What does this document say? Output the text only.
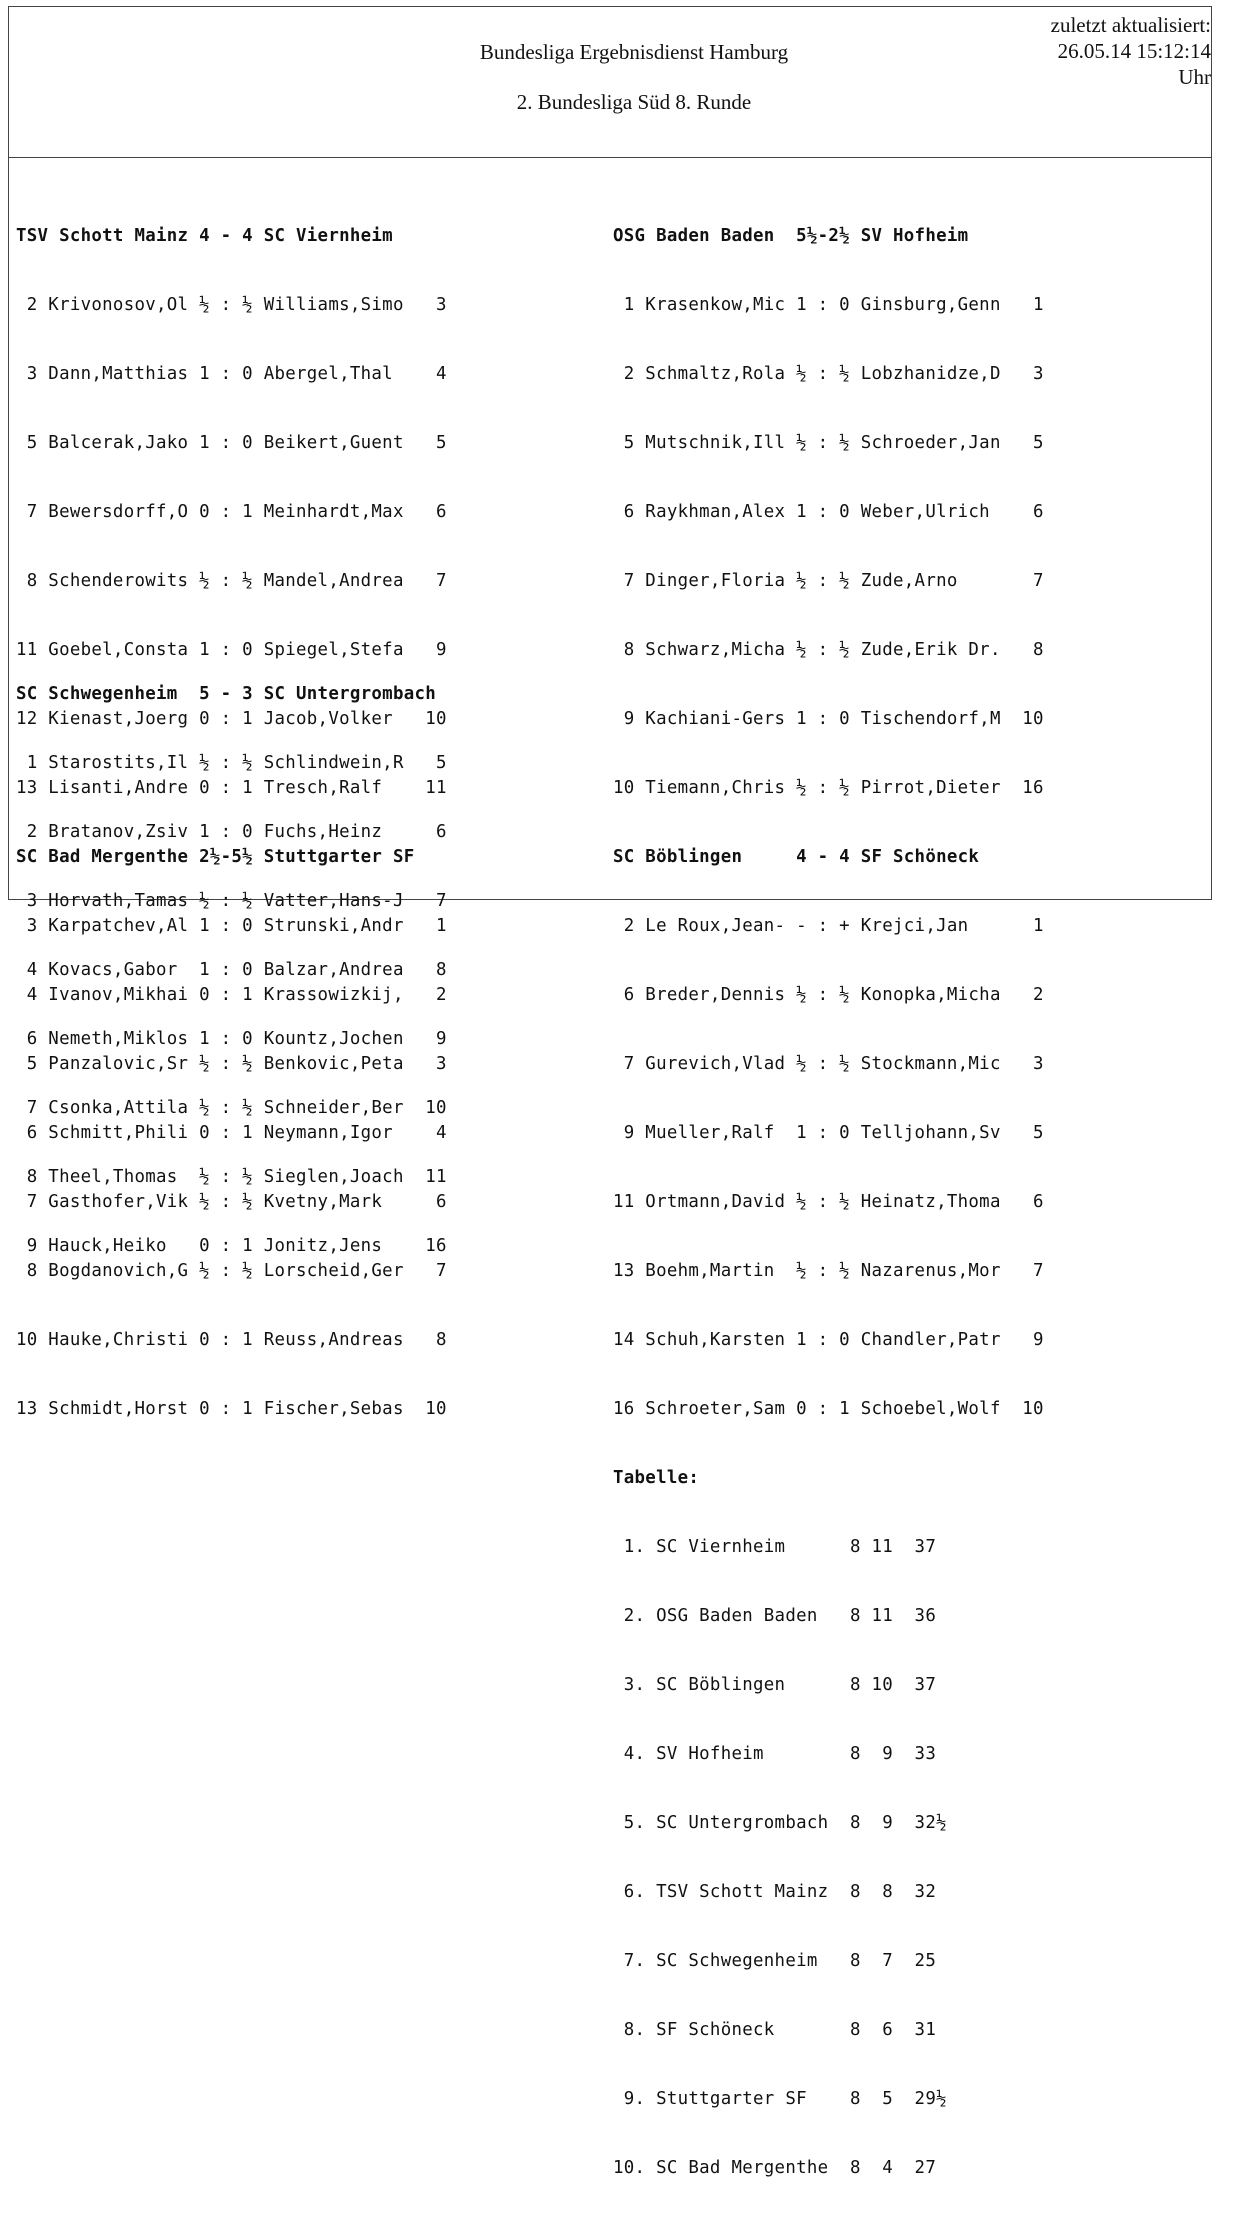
Bundesliga Ergebnisdienst Hamburg
2. Bundesliga Süd 8. Runde
zuletzt aktualisiert:
26.05.14 15:12:14
Uhr

TSV Schott Mainz 4 - 4 SC Viernheim

2 Krivonosov,Ol ½ : ½ Williams,Simo   3

3 Dann,Matthias 1 : 0 Abergel,Thal    4

5 Balcerak,Jako 1 : 0 Beikert,Guent   5

7 Bewersdorff,O 0 : 1 Meinhardt,Max   6

8 Schenderowits ½ : ½ Mandel,Andrea   7

11 Goebel,Consta 1 : 0 Spiegel,Stefa   9

12 Kienast,Joerg 0 : 1 Jacob,Volker   10

13 Lisanti,Andre 0 : 1 Tresch,Ralf    11

SC Bad Mergenthe 2½-5½ Stuttgarter SF

3 Karpatchev,Al 1 : 0 Strunski,Andr   1

4 Ivanov,Mikhai 0 : 1 Krassowizkij,   2

5 Panzalovic,Sr ½ : ½ Benkovic,Peta   3

6 Schmitt,Phili 0 : 1 Neymann,Igor    4

7 Gasthofer,Vik ½ : ½ Kvetny,Mark     6

8 Bogdanovich,G ½ : ½ Lorscheid,Ger   7

10 Hauke,Christi 0 : 1 Reuss,Andreas   8

13 Schmidt,Horst 0 : 1 Fischer,Sebas  10

SC Schwegenheim  5 - 3 SC Untergrombach

1 Starostits,Il ½ : ½ Schlindwein,R   5

2 Bratanov,Zsiv 1 : 0 Fuchs,Heinz     6

3 Horvath,Tamas ½ : ½ Vatter,Hans-J   7

4 Kovacs,Gabor  1 : 0 Balzar,Andrea   8

6 Nemeth,Miklos 1 : 0 Kountz,Jochen   9

7 Csonka,Attila ½ : ½ Schneider,Ber  10

8 Theel,Thomas  ½ : ½ Sieglen,Joach  11

9 Hauck,Heiko   0 : 1 Jonitz,Jens    16

OSG Baden Baden  5½-2½ SV Hofheim

1 Krasenkow,Mic 1 : 0 Ginsburg,Genn   1

2 Schmaltz,Rola ½ : ½ Lobzhanidze,D   3

5 Mutschnik,Ill ½ : ½ Schroeder,Jan   5

6 Raykhman,Alex 1 : 0 Weber,Ulrich    6

7 Dinger,Floria ½ : ½ Zude,Arno       7

8 Schwarz,Micha ½ : ½ Zude,Erik Dr.   8

9 Kachiani-Gers 1 : 0 Tischendorf,M  10

10 Tiemann,Chris ½ : ½ Pirrot,Dieter  16

SC Böblingen     4 - 4 SF Schöneck

2 Le Roux,Jean- - : + Krejci,Jan      1

6 Breder,Dennis ½ : ½ Konopka,Micha   2

7 Gurevich,Vlad ½ : ½ Stockmann,Mic   3

9 Mueller,Ralf  1 : 0 Telljohann,Sv   5

11 Ortmann,David ½ : ½ Heinatz,Thoma   6

13 Boehm,Martin  ½ : ½ Nazarenus,Mor   7

14 Schuh,Karsten 1 : 0 Chandler,Patr   9

16 Schroeter,Sam 0 : 1 Schoebel,Wolf  10

Tabelle:

1. SC Viernheim      8 11  37

2. OSG Baden Baden   8 11  36

3. SC Böblingen      8 10  37

4. SV Hofheim        8  9  33

5. SC Untergrombach  8  9  32½

6. TSV Schott Mainz  8  8  32

7. SC Schwegenheim   8  7  25

8. SF Schöneck       8  6  31

9. Stuttgarter SF    8  5  29½

10. SC Bad Mergenthe  8  4  27
